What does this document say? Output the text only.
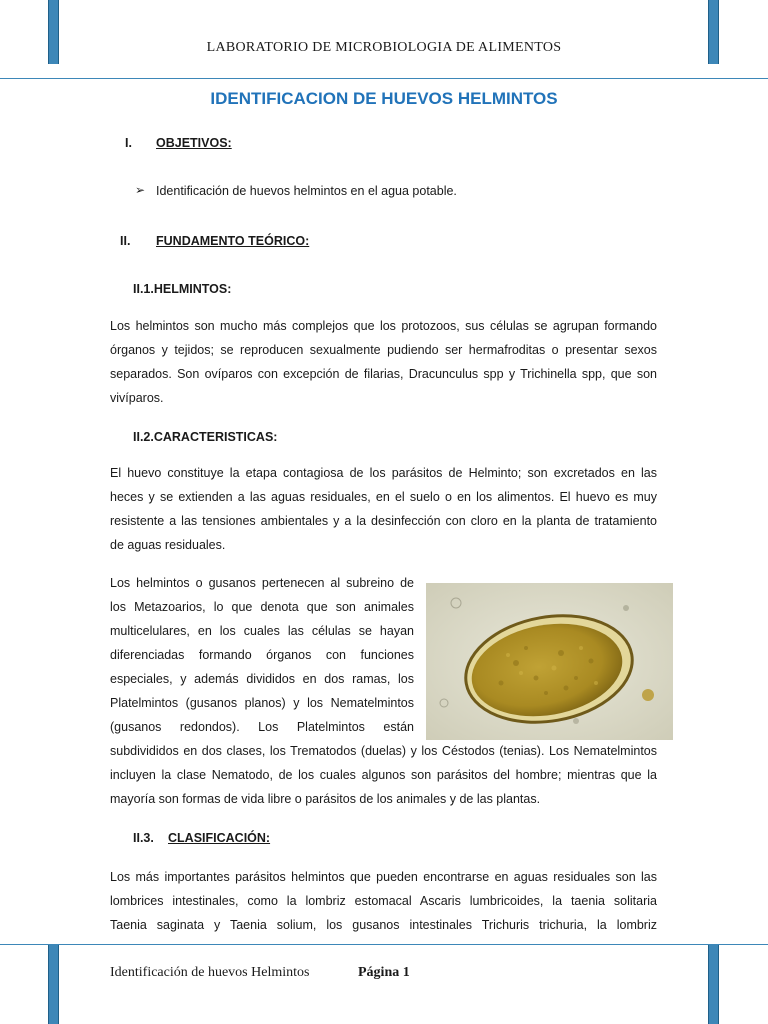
LABORATORIO DE MICROBIOLOGIA DE ALIMENTOS
IDENTIFICACION DE HUEVOS HELMINTOS
I. OBJETIVOS:
➢ Identificación de huevos helmintos en el agua potable.
II. FUNDAMENTO TEÓRICO:
II.1.HELMINTOS:
Los helmintos son mucho más complejos que los protozoos, sus células se agrupan formando
órganos y tejidos; se reproducen sexualmente pudiendo ser hermafroditas o presentar sexos
separados. Son ovíparos con excepción de filarias, Dracunculus spp y Trichinella spp, que son
vivíparos.
II.2.CARACTERISTICAS:
El huevo constituye la etapa contagiosa de los parásitos de Helminto; son excretados en las
heces y se extienden a las aguas residuales, en el suelo o en los alimentos. El huevo es muy
resistente a las tensiones ambientales y a la desinfección con cloro en la planta de tratamiento
de aguas residuales.
Los helmintos o gusanos pertenecen al subreino de
los Metazoarios, lo que denota que son animales
multicelulares, en los cuales las células se hayan
diferenciadas formando órganos con funciones
especiales, y además divididos en dos ramas, los
Platelmintos (gusanos planos) y los Nematelmintos
(gusanos redondos). Los Platelmintos están
subdivididos en dos clases, los Trematodos (duelas) y los Céstodos (tenias). Los Nematelmintos
incluyen la clase Nematodo, de los cuales algunos son parásitos del hombre; mientras que la
mayoría son formas de vida libre o parásitos de los animales y de las plantas.
II.3. CLASIFICACIÓN:
Los más importantes parásitos helmintos que pueden encontrarse en aguas residuales son las
lombrices intestinales, como la lombriz estomacal Ascaris lumbricoides, la taenia solitaria
Taenia saginata y Taenia solium, los gusanos intestinales Trichuris trichuria, la lombriz
Identificación de huevos Helmintos	Página 1
